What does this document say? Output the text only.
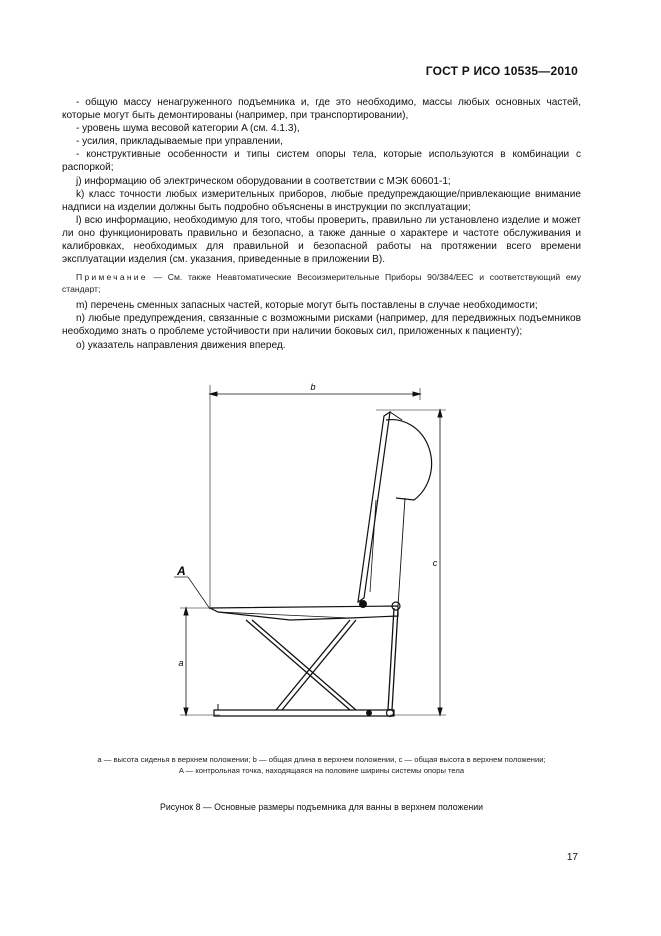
ГОСТ Р ИСО 10535—2010

- общую массу ненагруженного подъемника и, где это необходимо, массы любых основных частей, которые могут быть демонтированы (например, при транспортировании),

- уровень шума весовой категории A (см. 4.1.3),

- усилия, прикладываемые при управлении,

- конструктивные особенности и типы систем опоры тела, которые используются в комбинации с распоркой;

j) информацию об электрическом оборудовании в соответствии с МЭК 60601-1;

k) класс точности любых измерительных приборов, любые предупреждающие/привлекающие внимание надписи на изделии должны быть подробно объяснены в инструкции по эксплуатации;

l) всю информацию, необходимую для того, чтобы проверить, правильно ли установлено изделие и может ли оно функционировать правильно и безопасно, а также данные о характере и частоте обслуживания и калибровках, необходимых для правильной и безопасной работы на протяжении всего времени эксплуатации изделия (см. указания, приведенные в приложении В).

Примечание — См. также Неавтоматические Весоизмерительные Приборы 90/384/EEC и соответствующий ему стандарт;

m) перечень сменных запасных частей, которые могут быть поставлены в случае необходимости;

n) любые предупреждения, связанные с возможными рисками (например, для передвижных подъемников необходимо знать о проблеме устойчивости при наличии боковых сил, приложенных к пациенту);

o) указатель направления движения вперед.

b
c
a
A

a — высота сиденья в верхнем положении; b — общая длина в верхнем положении, c — общая высота в верхнем положении;

A — контрольная точка, находящаяся на половине ширины системы опоры тела

Рисунок 8 — Основные размеры подъемника для ванны в верхнем положении
17
